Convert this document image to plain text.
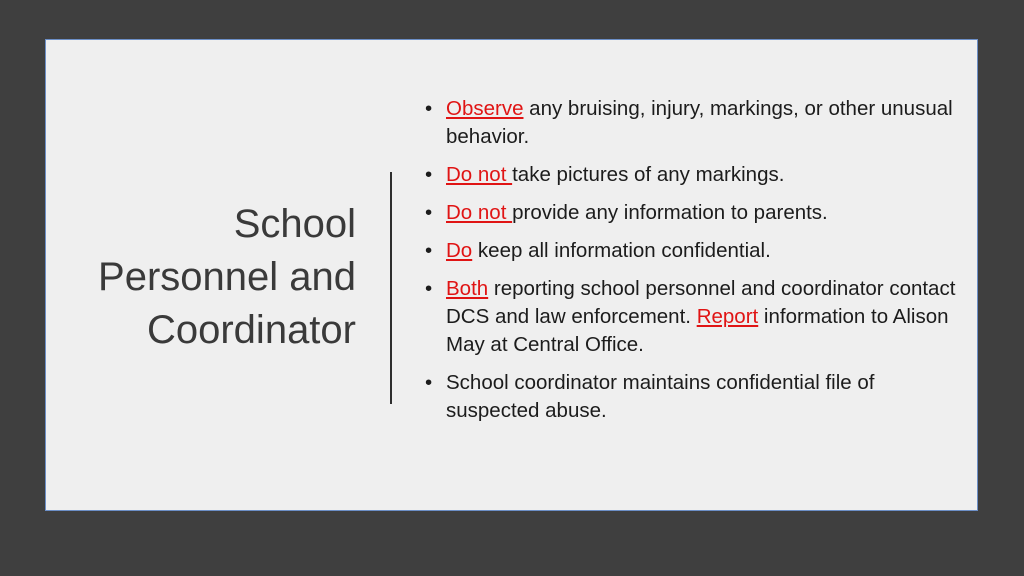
School
Personnel and
Coordinator
• Observe any bruising, injury, markings, or other unusual behavior.
• Do not take pictures of any markings.
• Do not provide any information to parents.
• Do keep all information confidential.
• Both reporting school personnel and coordinator contact DCS and law enforcement. Report information to Alison May at Central Office.
• School coordinator maintains confidential file of suspected abuse.
